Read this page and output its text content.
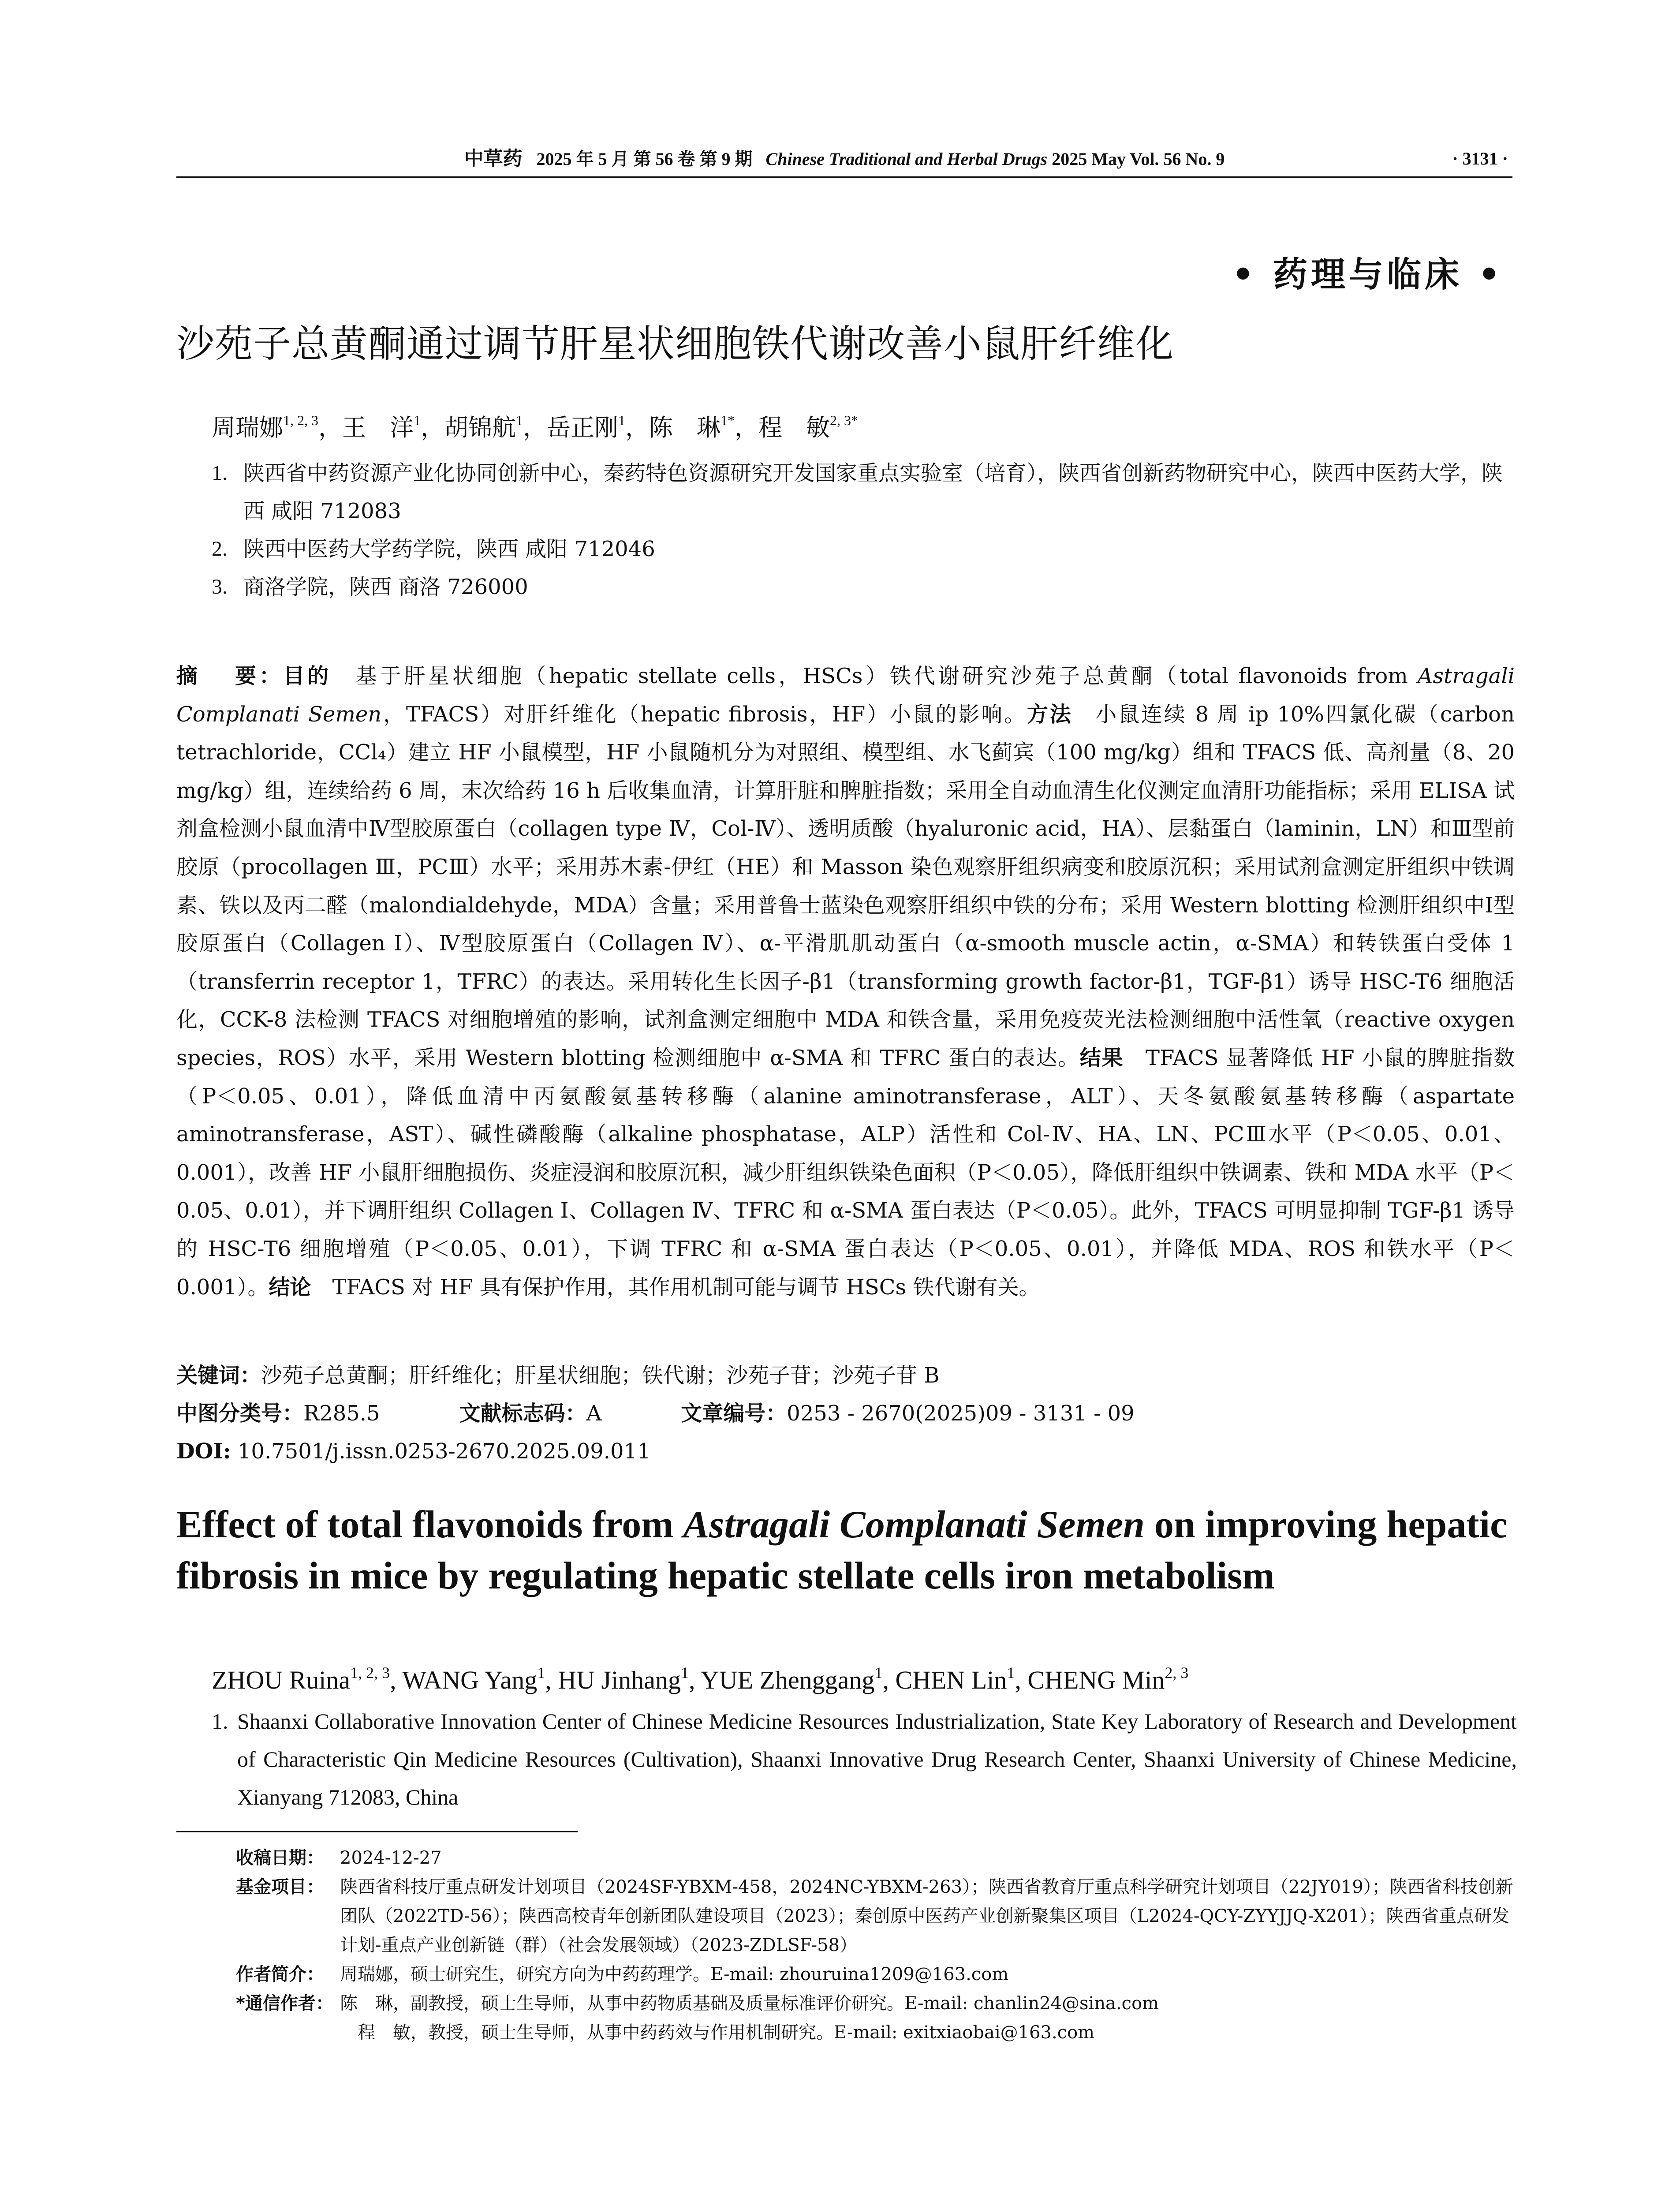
中草药 2025 年 5 月 第 56 卷 第 9 期 Chinese Traditional and Herbal Drugs 2025 May Vol. 56 No. 9	· 3131 ·
• 药理与临床 •
沙苑子总黄酮通过调节肝星状细胞铁代谢改善小鼠肝纤维化
周瑞娜$^{1, 2, 3}$，王　洋$^1$，胡锦航$^1$，岳正刚$^1$，陈　琳$^{1*}$，程　敏$^{2, 3*}$
1. 陕西省中药资源产业化协同创新中心，秦药特色资源研究开发国家重点实验室（培育），陕西省创新药物研究中心，陕西中医药大学，陕西 咸阳 712083
2. 陕西中医药大学药学院，陕西 咸阳 712046
3. 商洛学院，陕西 商洛 726000
摘　 要：目的　基于肝星状细胞（hepatic stellate cells，HSCs）铁代谢研究沙苑子总黄酮（total flavonoids from Astragali Complanati Semen，TFACS）对肝纤维化（hepatic fibrosis，HF）小鼠的影响。方法　小鼠连续 8 周 ip 10%四氯化碳（carbon tetrachloride，CCl₄）建立 HF 小鼠模型，HF 小鼠随机分为对照组、模型组、水飞蓟宾（100 mg/kg）组和 TFACS 低、高剂量（8、20 mg/kg）组，连续给药 6 周，末次给药 16 h 后收集血清，计算肝脏和脾脏指数；采用全自动血清生化仪测定血清肝功能指标；采用 ELISA 试剂盒检测小鼠血清中Ⅳ型胶原蛋白（collagen type Ⅳ，Col-Ⅳ）、透明质酸（hyaluronic acid，HA）、层黏蛋白（laminin，LN）和Ⅲ型前胶原（procollagen Ⅲ，PCⅢ）水平；采用苏木素-伊红（HE）和 Masson 染色观察肝组织病变和胶原沉积；采用试剂盒测定肝组织中铁调素、铁以及丙二醛（malondialdehyde，MDA）含量；采用普鲁士蓝染色观察肝组织中铁的分布；采用 Western blotting 检测肝组织中Ⅰ型胶原蛋白（Collagen Ⅰ）、Ⅳ型胶原蛋白（Collagen Ⅳ）、α-平滑肌肌动蛋白（α-smooth muscle actin，α-SMA）和转铁蛋白受体 1（transferrin receptor 1，TFRC）的表达。采用转化生长因子-β1（transforming growth factor-β1，TGF-β1）诱导 HSC-T6 细胞活化，CCK-8 法检测 TFACS 对细胞增殖的影响，试剂盒测定细胞中 MDA 和铁含量，采用免疫荧光法检测细胞中活性氧（reactive oxygen species，ROS）水平，采用 Western blotting 检测细胞中 α-SMA 和 TFRC 蛋白的表达。结果　TFACS 显著降低 HF 小鼠的脾脏指数（P＜0.05、0.01），降低血清中丙氨酸氨基转移酶（alanine aminotransferase，ALT）、天冬氨酸氨基转移酶（aspartate aminotransferase，AST）、碱性磷酸酶（alkaline phosphatase，ALP）活性和 Col-Ⅳ、HA、LN、PCⅢ水平（P＜0.05、0.01、0.001），改善 HF 小鼠肝细胞损伤、炎症浸润和胶原沉积，减少肝组织铁染色面积（P＜0.05），降低肝组织中铁调素、铁和 MDA 水平（P＜0.05、0.01），并下调肝组织 Collagen Ⅰ、Collagen Ⅳ、TFRC 和 α-SMA 蛋白表达（P＜0.05）。此外，TFACS 可明显抑制 TGF-β1 诱导的 HSC-T6 细胞增殖（P＜0.05、0.01），下调 TFRC 和 α-SMA 蛋白表达（P＜0.05、0.01），并降低 MDA、ROS 和铁水平（P＜0.001）。结论　TFACS 对 HF 具有保护作用，其作用机制可能与调节 HSCs 铁代谢有关。
关键词：沙苑子总黄酮；肝纤维化；肝星状细胞；铁代谢；沙苑子苷；沙苑子苷 B
中图分类号：R285.5	文献标志码：A	文章编号：0253 - 2670(2025)09 - 3131 - 09
DOI: 10.7501/j.issn.0253-2670.2025.09.011
Effect of total flavonoids from Astragali Complanati Semen on improving hepatic fibrosis in mice by regulating hepatic stellate cells iron metabolism
ZHOU Ruina$^{1, 2, 3}$, WANG Yang$^1$, HU Jinhang$^1$, YUE Zhenggang$^1$, CHEN Lin$^1$, CHENG Min$^{2, 3}$
1. Shaanxi Collaborative Innovation Center of Chinese Medicine Resources Industrialization, State Key Laboratory of Research and Development of Characteristic Qin Medicine Resources (Cultivation), Shaanxi Innovative Drug Research Center, Shaanxi University of Chinese Medicine, Xianyang 712083, China
收稿日期： 2024-12-27
基金项目： 陕西省科技厅重点研发计划项目（2024SF-YBXM-458，2024NC-YBXM-263）；陕西省教育厅重点科学研究计划项目（22JY019）；陕西省科技创新团队（2022TD-56）；陕西高校青年创新团队建设项目（2023）；秦创原中医药产业创新聚集区项目（L2024-QCY-ZYYJJQ-X201）；陕西省重点研发计划-重点产业创新链（群）（社会发展领域）（2023-ZDLSF-58）
作者简介： 周瑞娜，硕士研究生，研究方向为中药药理学。E-mail: zhouruina1209@163.com
*通信作者： 陈　琳，副教授，硕士生导师，从事中药物质基础及质量标准评价研究。E-mail: chanlin24@sina.com
程　敏，教授，硕士生导师，从事中药药效与作用机制研究。E-mail: exitxiaobai@163.com
